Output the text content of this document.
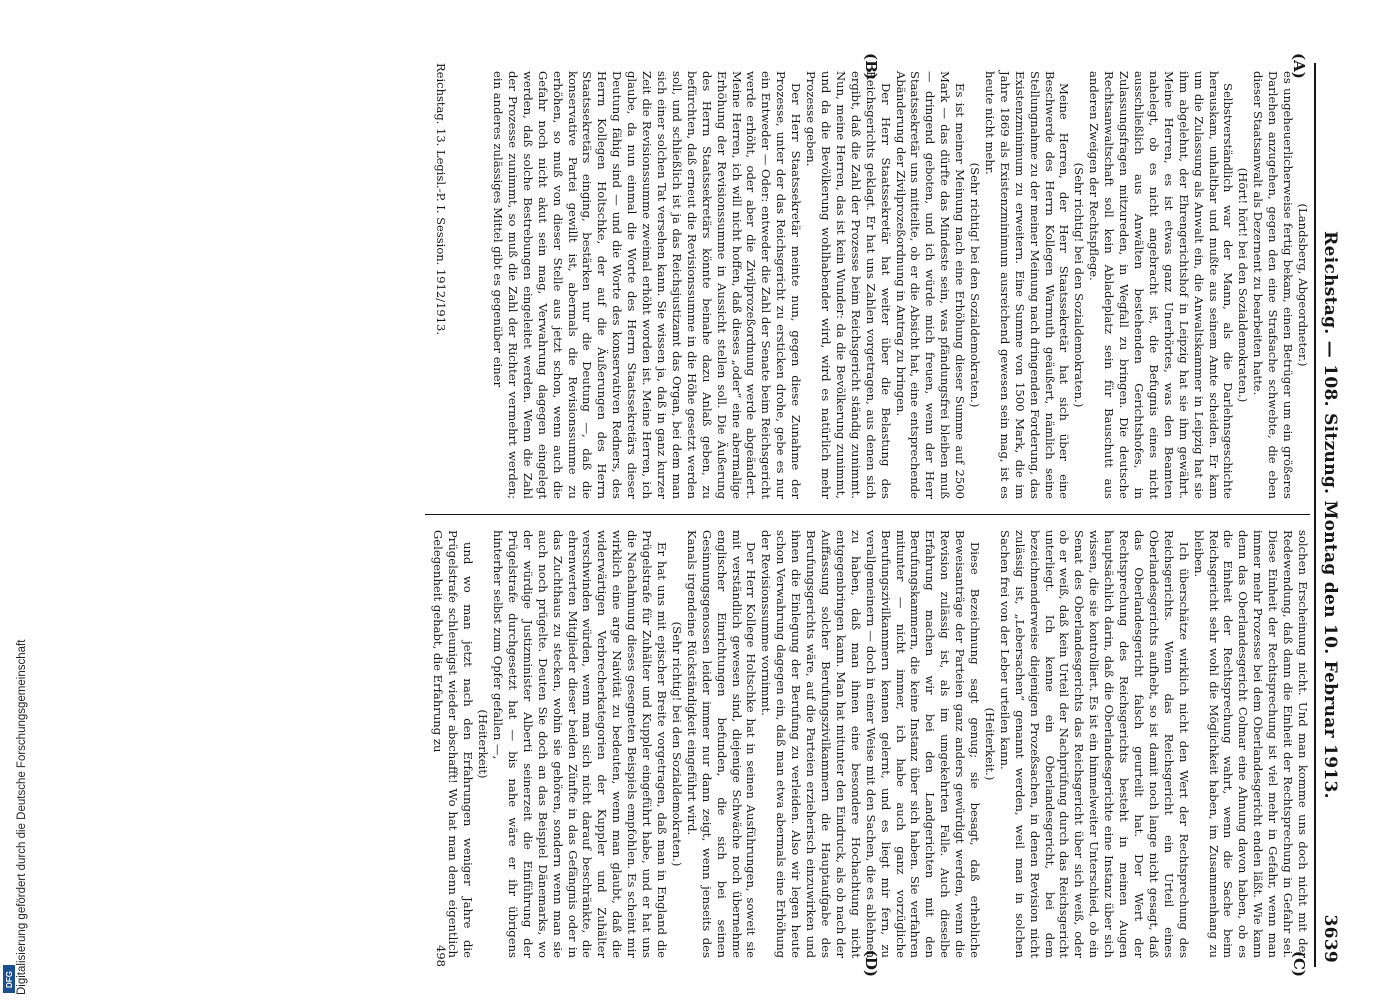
DFG Digitalisierung gefördert durch die Deutsche Forschungsgemeinschaft
Reichstag. — 108. Sitzung. Montag den 10. Februar 1913.
3639
(A)
(B)
(C)
(D)

(Landsberg, Abgeordneter.)

es ungeheuerlicherweise fertig bekam, einen Betrüger um ein größeres Darlehen anzugehen, gegen den eine Strafsache schwebte, die eben dieser Staatsanwalt als Dezernent zu bearbeiten hatte.

(Hört! hört! bei den Sozialdemokraten.)

Selbstverständlich war der Mann, als die Darlehnsgeschichte herauskam, unhaltbar und mußte aus seinem Amte scheiden. Er kam um die Zulassung als Anwalt ein, die Anwaltskammer in Leipzig hat sie ihm abgelehnt, der Ehrengerichtshof in Leipzig hat sie ihm gewährt. Meine Herren, es ist etwas ganz Unerhörtes, was den Beamten nahelegt, ob es nicht angebracht ist, die Befugnis eines nicht ausschließlich aus Anwälten bestehenden Gerichtshofes, in Zulassungsfragen mitzureden, in Wegfall zu bringen. Die deutsche Rechtsanwaltschaft soll kein Abladeplatz sein für Bauschutt aus anderen Zweigen der Rechtspflege.

(Sehr richtig! bei den Sozialdemokraten.)

Meine Herren, der Herr Staatssekretär hat sich über eine Beschwerde des Herrn Kollegen Warmuth geäußert, nämlich seine Stellungnahme zu der meiner Meinung nach dringenden Forderung, das Existenzminimum zu erweitern. Eine Summe von 1500 Mark, die im Jahre 1869 als Existenzminimum ausreichend gewesen sein mag, ist es heute nicht mehr.

(Sehr richtig! bei den Sozialdemokraten.)

Es ist meiner Meinung nach eine Erhöhung dieser Summe auf 2500 Mark — das dürfte das Mindeste sein, was pfändungsfrei bleiben muß — dringend geboten, und ich würde mich freuen, wenn der Herr Staatssekretär uns mitteilte, ob er die Absicht hat, eine entsprechende Abänderung der Zivilprozeßordnung in Antrag zu bringen.

Der Herr Staatssekretär hat weiter über die Belastung des Reichsgerichts geklagt. Er hat uns Zahlen vorgetragen, aus denen sich ergibt, daß die Zahl der Prozesse beim Reichsgericht ständig zunimmt. Nun, meine Herren, das ist kein Wunder: da die Bevölkerung zunimmt, und da die Bevölkerung wohlhabender wird, wird es natürlich mehr Prozesse geben.

Der Herr Staatssekretär meinte nun, gegen diese Zunahme der Prozesse, unter der das Reichsgericht zu ersticken drohe, gebe es nur ein Entweder — Oder: entweder die Zahl der Senate beim Reichsgericht werde erhöht, oder aber die Zivilprozeßordnung werde abgeändert. Meine Herren, ich will nicht hoffen, daß dieses „oder“ eine abermalige Erhöhung der Revisionssumme in Aussicht stellen soll. Die Äußerung des Herrn Staatssekretärs könnte beinahe dazu Anlaß geben, zu befürchten, daß erneut die Revisionssumme in die Höhe gesetzt werden soll, und schließlich ist ja das Reichsjustizamt das Organ, bei dem man sich einer solchen Tat versehen kann. Sie wissen ja, daß in ganz kurzer Zeit die Revisionssumme zweimal erhöht worden ist. Meine Herren, ich glaube, da nun einmal die Worte des Herrn Staatssekretärs dieser Deutung fähig sind — und die Worte des konservativen Redners, des Herrn Kollegen Holtschke, der auf die Äußerungen des Herrn Staatssekretärs einging, bestärken nur die Deutung —, daß die konservative Partei gewillt ist, abermals die Revisionssumme zu erhöhen, so muß von dieser Stelle aus jetzt schon, wenn auch die Gefahr noch nicht akut sein mag, Verwahrung dagegen eingelegt werden, daß solche Bestrebungen eingeleitet werden. Wenn die Zahl der Prozesse zunimmt, so muß die Zahl der Richter vermehrt werden; ein anderes zulässiges Mittel gibt es gegenüber einer

solchen Erscheinung nicht. Und man komme uns doch nicht mit der Redewendung, daß dann die Einheit der Rechtsprechung in Gefahr sei. Diese Einheit der Rechtsprechung ist viel mehr in Gefahr, wenn man immer mehr Prozesse bei dem Oberlandesgericht enden läßt. Wie kann denn das Oberlandesgericht Colmar eine Ahnung davon haben, ob es die Einheit der Rechtsprechung wahrt, wenn die Sache beim Reichsgericht sehr wohl die Möglichkeit haben, im Zusammenhang zu bleiben.

Ich überschätze wirklich nicht den Wert der Rechtsprechung des Reichsgerichts. Wenn das Reichsgericht ein Urteil eines Oberlandesgerichts aufhebt, so ist damit noch lange nicht gesagt, daß das Oberlandesgericht falsch geurteilt hat. Der Wert der Rechtsprechung des Reichsgerichts besteht in meinen Augen hauptsächlich darin, daß die Oberlandesgerichte eine Instanz über sich wissen, die sie kontrolliert. Es ist ein himmelweiter Unterschied, ob ein Senat des Oberlandesgerichts das Reichsgericht über sich weiß, oder ob er weiß, daß kein Urteil der Nachprüfung durch das Reichsgericht unterliegt. Ich kenne ein Oberlandesgericht, bei dem bezeichnenderweise diejenigen Prozeßsachen, in denen Revision nicht zulässig ist, „Lebersachen“ genannt werden, weil man in solchen Sachen frei von der Leber urteilen kann.

(Heiterkeit.)

Diese Bezeichnung sagt genug; sie besagt, daß erhebliche Beweisanträge der Parteien ganz anders gewürdigt werden, wenn die Revision zulässig ist, als im umgekehrten Falle. Auch dieselbe Erfahrung machen wir bei den Landgerichten mit den Berufungskammern, die keine Instanz über sich haben. Sie verfahren mitunter — nicht immer, ich habe auch ganz vorzügliche Berufungszivilkammern kennen gelernt, und es liegt mir fern, zu verallgemeinern — doch in einer Weise mit den Sachen, die es ablehnen zu haben, daß man ihnen eine besondere Hochachtung nicht entgegenbringen kann. Man hat mitunter den Eindruck, als ob nach der Auffassung solcher Berufungszivilkammern die Hauptaufgabe des Berufungsgerichts wäre, auf die Parteien erzieherisch einzuwirken und ihnen die Einlegung der Berufung zu verleiden. Also wir legen heute schon Verwahrung dagegen ein, daß man etwa abermals eine Erhöhung der Revisionssumme vornimmt.

Der Herr Kollege Holtschke hat in seinen Ausführungen, soweit sie mit verständlich gewesen sind, diejenige Schwäche noch übernehme englischer Einrichtungen befunden, die sich bei seinen Gesinnungsgenossen leider immer nur dann zeigt, wenn jenseits des Kanals irgendeine Rückständigkeit eingeführt wird.

(Sehr richtig! bei den Sozialdemokraten.)

Er hat uns mit epischer Breite vorgetragen, daß man in England die Prügelstrafe für Zuhälter und Kuppler eingeführt habe, und er hat uns die Nachahmung dieses gesegneten Beispiels empfohlen. Es scheint mir wirklich eine arge Naivität zu bedeuten, wenn man glaubt, daß die widerwärtigen Verbrecherkategorien der Kuppler und Zuhälter verschwinden würden, wenn man sich nicht darauf beschränkte, die ehrenwerten Mitglieder dieser beiden Zünfte in das Gefängnis oder in das Zuchthaus zu stecken, wohin sie gehören, sondern wenn man sie auch noch prügelte. Deuten Sie doch an das Beispiel Dänemarks, wo der würdige Justizminister Alberti seinerzeit die Einführung der Prügelstrafe durchgesetzt hat — bis nahe wäre er ihr übrigens hinterher selbst zum Opfer gefallen —,

(Heiterkeit)

und wo man jetzt nach den Erfahrungen weniger Jahre die Prügelstrafe schleunigst wieder abschafft! Wo hat man denn eigentlich Gelegenheit gehabt, die Erfahrung zu

Reichstag. 13. Legisl.-P. I. Session. 1912/1913.
498
